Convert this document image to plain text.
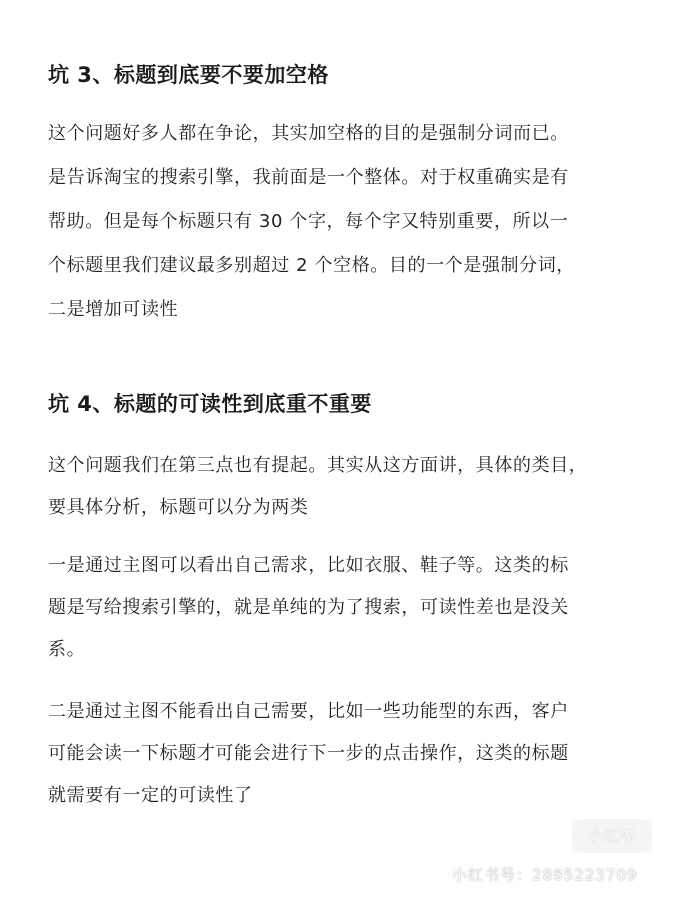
坑 3、标题到底要不要加空格
这个问题好多人都在争论，其实加空格的目的是强制分词而已。
是告诉淘宝的搜索引擎，我前面是一个整体。对于权重确实是有
帮助。但是每个标题只有 30 个字，每个字又特别重要，所以一
个标题里我们建议最多别超过 2 个空格。目的一个是强制分词，
二是增加可读性
坑 4、标题的可读性到底重不重要
这个问题我们在第三点也有提起。其实从这方面讲，具体的类目，
要具体分析，标题可以分为两类
一是通过主图可以看出自己需求，比如衣服、鞋子等。这类的标
题是写给搜索引擎的，就是单纯的为了搜索，可读性差也是没关
系。
二是通过主图不能看出自己需要，比如一些功能型的东西，客户
可能会读一下标题才可能会进行下一步的点击操作，这类的标题
就需要有一定的可读性了
小红书
小红书号：2885223709
